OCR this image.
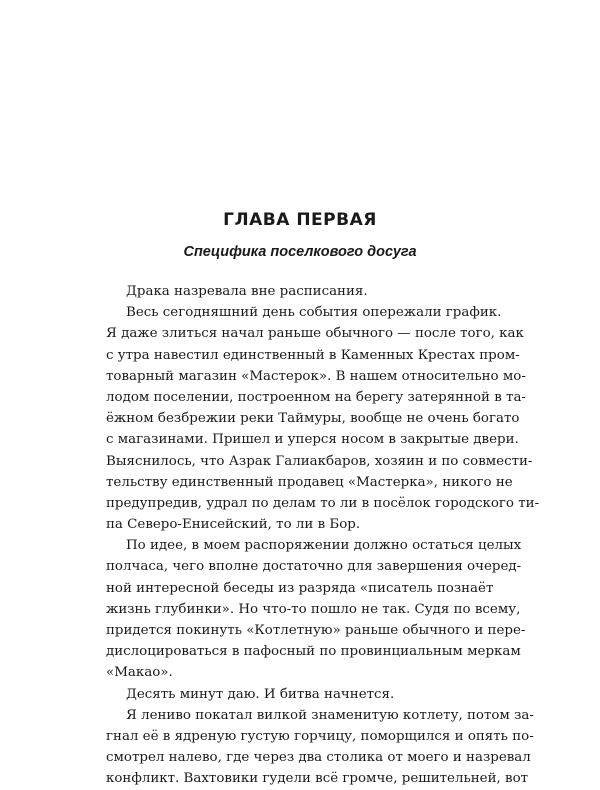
ГЛАВА ПЕРВАЯ
Специфика поселкового досуга
Драка назревала вне расписания.
Весь сегодняшний день события опережали график.
Я даже злиться начал раньше обычного — после того, как
с утра навестил единственный в Каменных Крестах пром-
товарный магазин «Мастерок». В нашем относительно мо-
лодом поселении, построенном на берегу затерянной в та-
ёжном безбрежии реки Таймуры, вообще не очень богато
с магазинами. Пришел и уперся носом в закрытые двери.
Выяснилось, что Азрак Галиакбаров, хозяин и по совмести-
тельству единственный продавец «Мастерка», никого не
предупредив, удрал по делам то ли в посёлок городского ти-
па Северо-Енисейский, то ли в Бор.
По идее, в моем распоряжении должно остаться целых
полчаса, чего вполне достаточно для завершения очеред-
ной интересной беседы из разряда «писатель познаёт
жизнь глубинки». Но что-то пошло не так. Судя по всему,
придется покинуть «Котлетную» раньше обычного и пере-
дислоцироваться в пафосный по провинциальным меркам
«Макао».
Десять минут даю. И битва начнется.
Я лениво покатал вилкой знаменитую котлету, потом за-
гнал её в ядреную густую горчицу, поморщился и опять по-
смотрел налево, где через два столика от моего и назревал
конфликт. Вахтовики гудели всё громче, решительней, вот
